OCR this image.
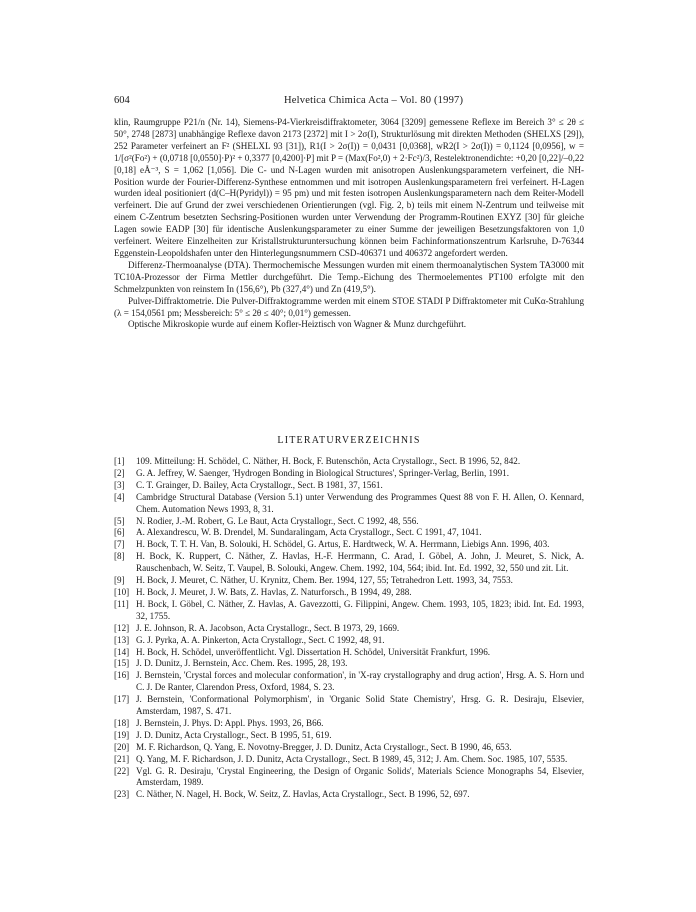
604	Helvetica Chimica Acta – Vol. 80 (1997)

klin, Raumgruppe P21/n (Nr. 14), Siemens-P4-Vierkreisdiffraktometer, 3064 [3209] gemessene Reflexe im Bereich 3° ≤ 2θ ≤ 50°, 2748 [2873] unabhängige Reflexe davon 2173 [2372] mit I > 2σ(I), Strukturlösung mit direkten Methoden (SHELXS [29]), 252 Parameter verfeinert an F² (SHELXL 93 [31]), R1(I > 2σ(I)) = 0,0431 [0,0368], wR2(I > 2σ(I)) = 0,1124 [0,0956], w = 1/[σ²(Fo²) + (0,0718 [0,0550]·P)² + 0,3377 [0,4200]·P] mit P = (Max(Fo²,0) + 2·Fc²)/3, Restelektronendichte: +0,20 [0,22]/–0,22 [0,18] eÅ⁻³, S = 1,062 [1,056]. Die C- und N-Lagen wurden mit anisotropen Auslenkungsparametern verfeinert, die NH-Position wurde der Fourier-Differenz-Synthese entnommen und mit isotropen Auslenkungsparametern frei verfeinert. H-Lagen wurden ideal positioniert (d(C–H(Pyridyl)) = 95 pm) und mit festen isotropen Auslenkungsparametern nach dem Reiter-Modell verfeinert. Die auf Grund der zwei verschiedenen Orientierungen (vgl. Fig. 2, b) teils mit einem N-Zentrum und teilweise mit einem C-Zentrum besetzten Sechsring-Positionen wurden unter Verwendung der Programm-Routinen EXYZ [30] für gleiche Lagen sowie EADP [30] für identische Auslenkungsparameter zu einer Summe der jeweiligen Besetzungsfaktoren von 1,0 verfeinert. Weitere Einzelheiten zur Kristallstrukturuntersuchung können beim Fachinformationszentrum Karlsruhe, D-76344 Eggenstein-Leopoldshafen unter den Hinterlegungsnummern CSD-406371 und 406372 angefordert werden.

Differenz-Thermoanalyse (DTA). Thermochemische Messungen wurden mit einem thermoanalytischen System TA3000 mit TC10A-Prozessor der Firma Mettler durchgeführt. Die Temp.-Eichung des Thermoelementes PT100 erfolgte mit den Schmelzpunkten von reinstem In (156,6°), Pb (327,4°) und Zn (419,5°).

Pulver-Diffraktometrie. Die Pulver-Diffraktogramme werden mit einem STOE STADI P Diffraktometer mit CuKα-Strahlung (λ = 154,0561 pm; Messbereich: 5° ≤ 2θ ≤ 40°; 0,01°) gemessen.

Optische Mikroskopie wurde auf einem Kofler-Heiztisch von Wagner & Munz durchgeführt.

LITERATURVERZEICHNIS
[1]	109. Mitteilung: H. Schödel, C. Näther, H. Bock, F. Butenschön, Acta Crystallogr., Sect. B 1996, 52, 842.
[2]	G. A. Jeffrey, W. Saenger, 'Hydrogen Bonding in Biological Structures', Springer-Verlag, Berlin, 1991.
[3]	C. T. Grainger, D. Bailey, Acta Crystallogr., Sect. B 1981, 37, 1561.
[4]	Cambridge Structural Database (Version 5.1) unter Verwendung des Programmes Quest 88 von F. H. Allen, O. Kennard, Chem. Automation News 1993, 8, 31.
[5]	N. Rodier, J.-M. Robert, G. Le Baut, Acta Crystallogr., Sect. C 1992, 48, 556.
[6]	A. Alexandrescu, W. B. Drendel, M. Sundaralingam, Acta Crystallogr., Sect. C 1991, 47, 1041.
[7]	H. Bock, T. T. H. Van, B. Solouki, H. Schödel, G. Artus, E. Hardtweck, W. A. Herrmann, Liebigs Ann. 1996, 403.
[8]	H. Bock, K. Ruppert, C. Näther, Z. Havlas, H.-F. Herrmann, C. Arad, I. Göbel, A. John, J. Meuret, S. Nick, A. Rauschenbach, W. Seitz, T. Vaupel, B. Solouki, Angew. Chem. 1992, 104, 564; ibid. Int. Ed. 1992, 32, 550 und zit. Lit.
[9]	H. Bock, J. Meuret, C. Näther, U. Krynitz, Chem. Ber. 1994, 127, 55; Tetrahedron Lett. 1993, 34, 7553.
[10] H. Bock, J. Meuret, J. W. Bats, Z. Havlas, Z. Naturforsch., B 1994, 49, 288.
[11] H. Bock, I. Göbel, C. Näther, Z. Havlas, A. Gavezzotti, G. Filippini, Angew. Chem. 1993, 105, 1823; ibid. Int. Ed. 1993, 32, 1755.
[12] J. E. Johnson, R. A. Jacobson, Acta Crystallogr., Sect. B 1973, 29, 1669.
[13] G. J. Pyrka, A. A. Pinkerton, Acta Crystallogr., Sect. C 1992, 48, 91.
[14] H. Bock, H. Schödel, unveröffentlicht. Vgl. Dissertation H. Schödel, Universität Frankfurt, 1996.
[15] J. D. Dunitz, J. Bernstein, Acc. Chem. Res. 1995, 28, 193.
[16] J. Bernstein, 'Crystal forces and molecular conformation', in 'X-ray crystallography and drug action', Hrsg. A. S. Horn und C. J. De Ranter, Clarendon Press, Oxford, 1984, S. 23.
[17] J. Bernstein, 'Conformational Polymorphism', in 'Organic Solid State Chemistry', Hrsg. G. R. Desiraju, Elsevier, Amsterdam, 1987, S. 471.
[18] J. Bernstein, J. Phys. D: Appl. Phys. 1993, 26, B66.
[19] J. D. Dunitz, Acta Crystallogr., Sect. B 1995, 51, 619.
[20] M. F. Richardson, Q. Yang, E. Novotny-Bregger, J. D. Dunitz, Acta Crystallogr., Sect. B 1990, 46, 653.
[21] Q. Yang, M. F. Richardson, J. D. Dunitz, Acta Crystallogr., Sect. B 1989, 45, 312; J. Am. Chem. Soc. 1985, 107, 5535.
[22] Vgl. G. R. Desiraju, 'Crystal Engineering, the Design of Organic Solids', Materials Science Monographs 54, Elsevier, Amsterdam, 1989.
[23] C. Näther, N. Nagel, H. Bock, W. Seitz, Z. Havlas, Acta Crystallogr., Sect. B 1996, 52, 697.
